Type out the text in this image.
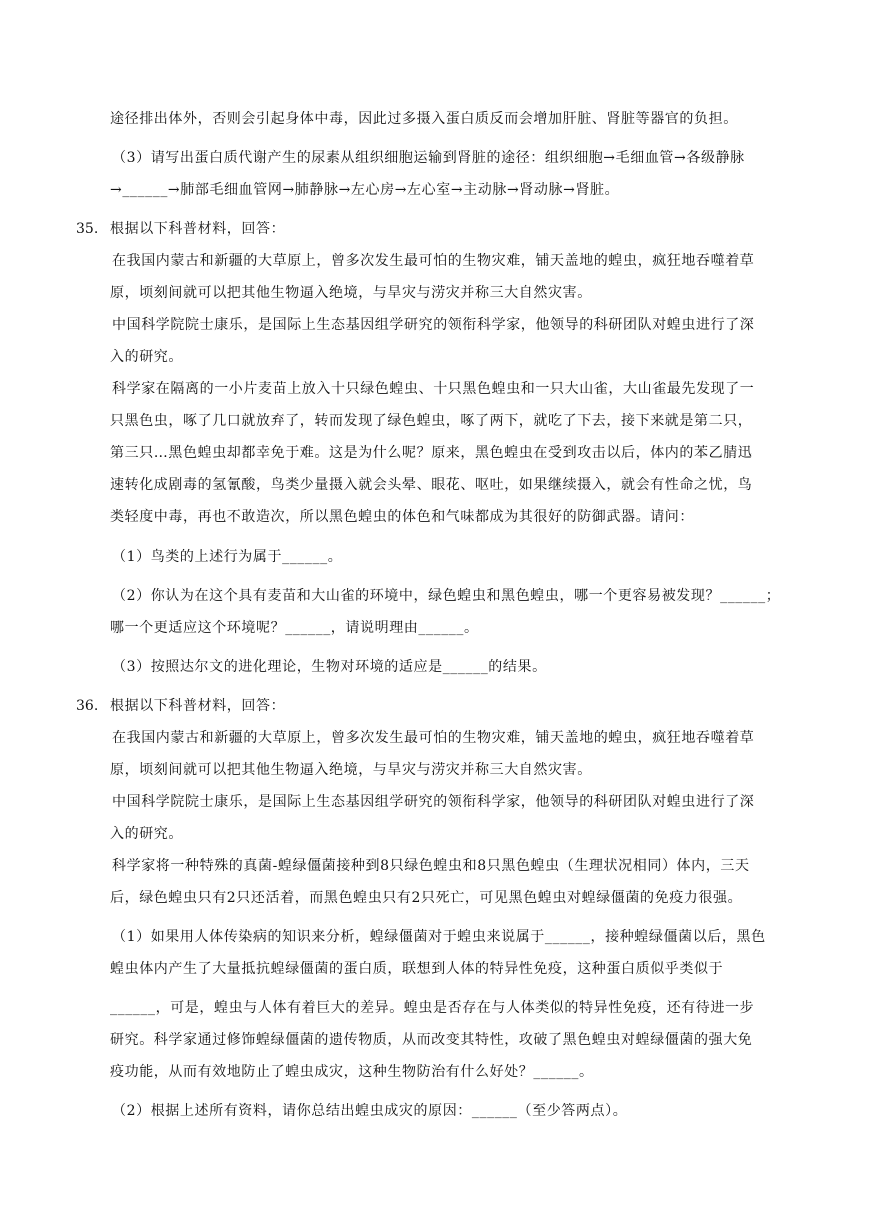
途径排出体外，否则会引起身体中毒，因此过多摄入蛋白质反而会增加肝脏、肾脏等器官的负担。
（3）请写出蛋白质代谢产生的尿素从组织细胞运输到肾脏的途径：组织细胞→毛细血管→各级静脉
→______→肺部毛细血管网→肺静脉→左心房→左心室→主动脉→肾动脉→肾脏。
35. 根据以下科普材料，回答：
在我国内蒙古和新疆的大草原上，曾多次发生最可怕的生物灾难，铺天盖地的蝗虫，疯狂地吞噬着草
原，顷刻间就可以把其他生物逼入绝境，与旱灾与涝灾并称三大自然灾害。
中国科学院院士康乐，是国际上生态基因组学研究的领衔科学家，他领导的科研团队对蝗虫进行了深
入的研究。
科学家在隔离的一小片麦苗上放入十只绿色蝗虫、十只黑色蝗虫和一只大山雀，大山雀最先发现了一
只黑色虫，啄了几口就放弃了，转而发现了绿色蝗虫，啄了两下，就吃了下去，接下来就是第二只，
第三只…黑色蝗虫却都幸免于难。这是为什么呢？原来，黑色蝗虫在受到攻击以后，体内的苯乙腈迅
速转化成剧毒的氢氰酸，鸟类少量摄入就会头晕、眼花、呕吐，如果继续摄入，就会有性命之忧，鸟
类轻度中毒，再也不敢造次，所以黑色蝗虫的体色和气味都成为其很好的防御武器。请问：
（1）鸟类的上述行为属于______。
（2）你认为在这个具有麦苗和大山雀的环境中，绿色蝗虫和黑色蝗虫，哪一个更容易被发现？______；
哪一个更适应这个环境呢？______，请说明理由______。
（3）按照达尔文的进化理论，生物对环境的适应是______的结果。
36. 根据以下科普材料，回答：
在我国内蒙古和新疆的大草原上，曾多次发生最可怕的生物灾难，铺天盖地的蝗虫，疯狂地吞噬着草
原，顷刻间就可以把其他生物逼入绝境，与旱灾与涝灾并称三大自然灾害。
中国科学院院士康乐，是国际上生态基因组学研究的领衔科学家，他领导的科研团队对蝗虫进行了深
入的研究。
科学家将一种特殊的真菌-蝗绿僵菌接种到8只绿色蝗虫和8只黑色蝗虫（生理状况相同）体内，三天
后，绿色蝗虫只有2只还活着，而黑色蝗虫只有2只死亡，可见黑色蝗虫对蝗绿僵菌的免疫力很强。
（1）如果用人体传染病的知识来分析，蝗绿僵菌对于蝗虫来说属于______，接种蝗绿僵菌以后，黑色
蝗虫体内产生了大量抵抗蝗绿僵菌的蛋白质，联想到人体的特异性免疫，这种蛋白质似乎类似于
______，可是，蝗虫与人体有着巨大的差异。蝗虫是否存在与人体类似的特异性免疫，还有待进一步
研究。科学家通过修饰蝗绿僵菌的遗传物质，从而改变其特性，攻破了黑色蝗虫对蝗绿僵菌的强大免
疫功能，从而有效地防止了蝗虫成灾，这种生物防治有什么好处？______。
（2）根据上述所有资料，请你总结出蝗虫成灾的原因：______（至少答两点）。
